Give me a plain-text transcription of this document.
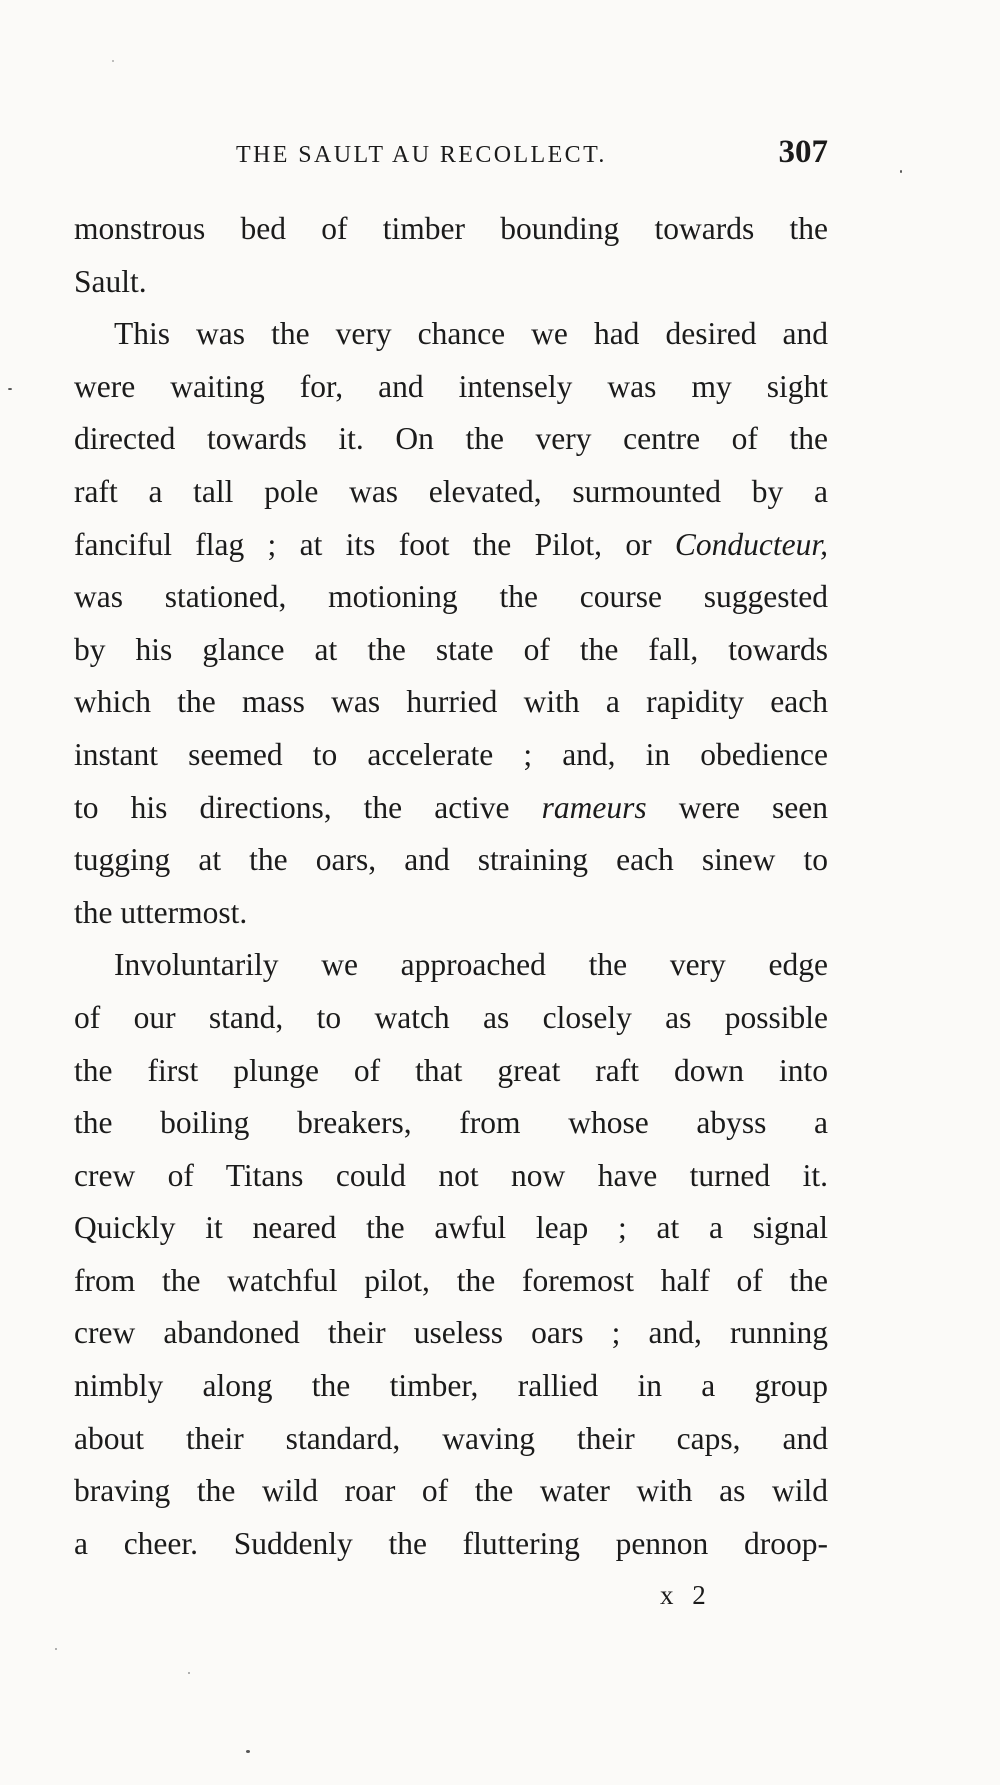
THE SAULT AU RECOLLECT.	307
monstrous bed of timber bounding towards the
Sault.
This was the very chance we had desired and
were waiting for, and intensely was my sight
directed towards it. On the very centre of the
raft a tall pole was elevated, surmounted by a
fanciful flag ; at its foot the Pilot, or Conducteur,
was stationed, motioning the course suggested
by his glance at the state of the fall, towards
which the mass was hurried with a rapidity each
instant seemed to accelerate ; and, in obedience
to his directions, the active rameurs were seen
tugging at the oars, and straining each sinew to
the uttermost.
Involuntarily we approached the very edge
of our stand, to watch as closely as possible
the first plunge of that great raft down into
the boiling breakers, from whose abyss a
crew of Titans could not now have turned it.
Quickly it neared the awful leap ; at a signal
from the watchful pilot, the foremost half of the
crew abandoned their useless oars ; and, running
nimbly along the timber, rallied in a group
about their standard, waving their caps, and
braving the wild roar of the water with as wild
a cheer. Suddenly the fluttering pennon droop-
x 2
